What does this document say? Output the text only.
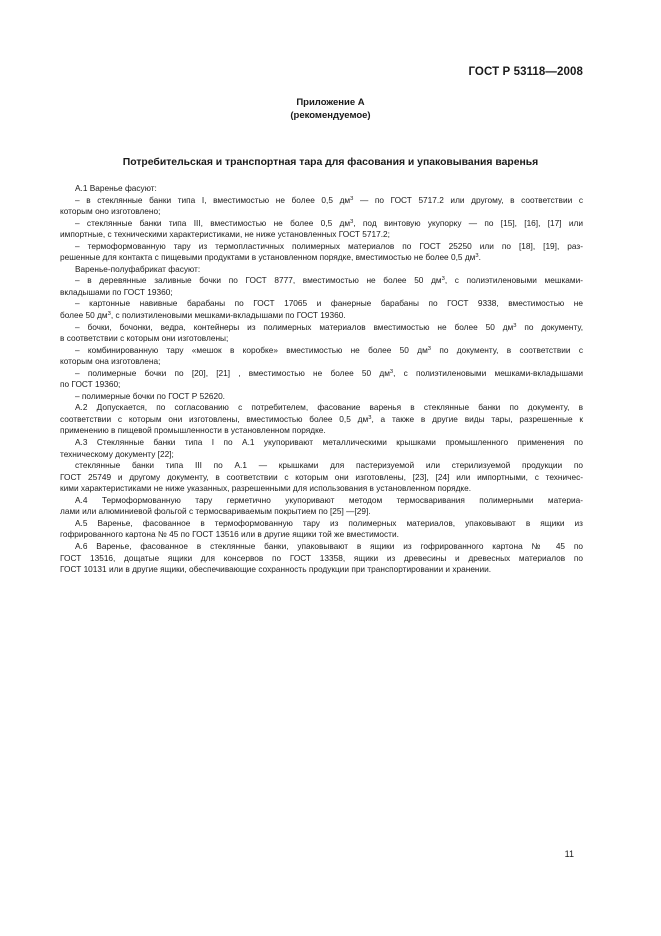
ГОСТ Р 53118—2008
Приложение А
(рекомендуемое)
Потребительская и транспортная тара для фасования и упаковывания варенья

А.1 Варенье фасуют:

– в стеклянные банки типа I, вместимостью не более 0,5 $дм^3$ — по ГОСТ 5717.2 или другому, в соответствии с

которым оно изготовлено;

– стеклянные банки типа III, вместимостью не более 0,5 $дм^3$, под винтовую укупорку — по [15], [16], [17] или

импортные, с техническими характеристиками, не ниже установленных ГОСТ 5717.2;

– термоформованную тару из термопластичных полимерных материалов по ГОСТ 25250 или по [18], [19], раз-

решенные для контакта с пищевыми продуктами в установленном порядке, вместимостью не более 0,5 $дм^3$.

Варенье-полуфабрикат фасуют:

– в деревянные заливные бочки по ГОСТ 8777, вместимостью не более 50 $дм^3$, с полиэтиленовыми мешками-

вкладышами по ГОСТ 19360;

– картонные навивные барабаны по ГОСТ 17065 и фанерные барабаны по ГОСТ 9338, вместимостью не

более 50 $дм^3$, с полиэтиленовыми мешками-вкладышами по ГОСТ 19360.

– бочки, бочонки, ведра, контейнеры из полимерных материалов вместимостью не более 50 $дм^3$ по документу,

в соответствии с которым они изготовлены;

– комбинированную тару «мешок в коробке» вместимостью не более 50 $дм^3$ по документу, в соответствии с

которым она изготовлена;

– полимерные бочки по [20], [21] , вместимостью не более 50 $дм^3$, с полиэтиленовыми мешками-вкладышами

по ГОСТ 19360;

– полимерные бочки по ГОСТ Р 52620.

А.2 Допускается, по согласованию с потребителем, фасование варенья в стеклянные банки по документу, в

соответствии с которым они изготовлены, вместимостью более 0,5 $дм^3$, а также в другие виды тары, разрешенные к

применению в пищевой промышленности в установленном порядке.

А.3 Стеклянные банки типа I по А.1 укупоривают металлическими крышками промышленного применения по

техническому документу [22];

стеклянные банки типа III по А.1 — крышками для пастеризуемой или стерилизуемой продукции по

ГОСТ 25749 и другому документу, в соответствии с которым они изготовлены, [23], [24] или импортными, с техничес-

кими характеристиками не ниже указанных, разрешенными для использования в установленном порядке.

А.4 Термоформованную тару герметично укупоривают методом термосваривания полимерными материа-

лами или алюминиевой фольгой с термосвариваемым покрытием по [25] —[29].

А.5 Варенье, фасованное в термоформованную тару из полимерных материалов, упаковывают в ящики из

гофрированного картона № 45 по ГОСТ 13516 или в другие ящики той же вместимости.

А.6 Варенье, фасованное в стеклянные банки, упаковывают в ящики из гофрированного картона № 45 по

ГОСТ 13516, дощатые ящики для консервов по ГОСТ 13358, ящики из древесины и древесных материалов по

ГОСТ 10131 или в другие ящики, обеспечивающие сохранность продукции при транспортировании и хранении.

11
